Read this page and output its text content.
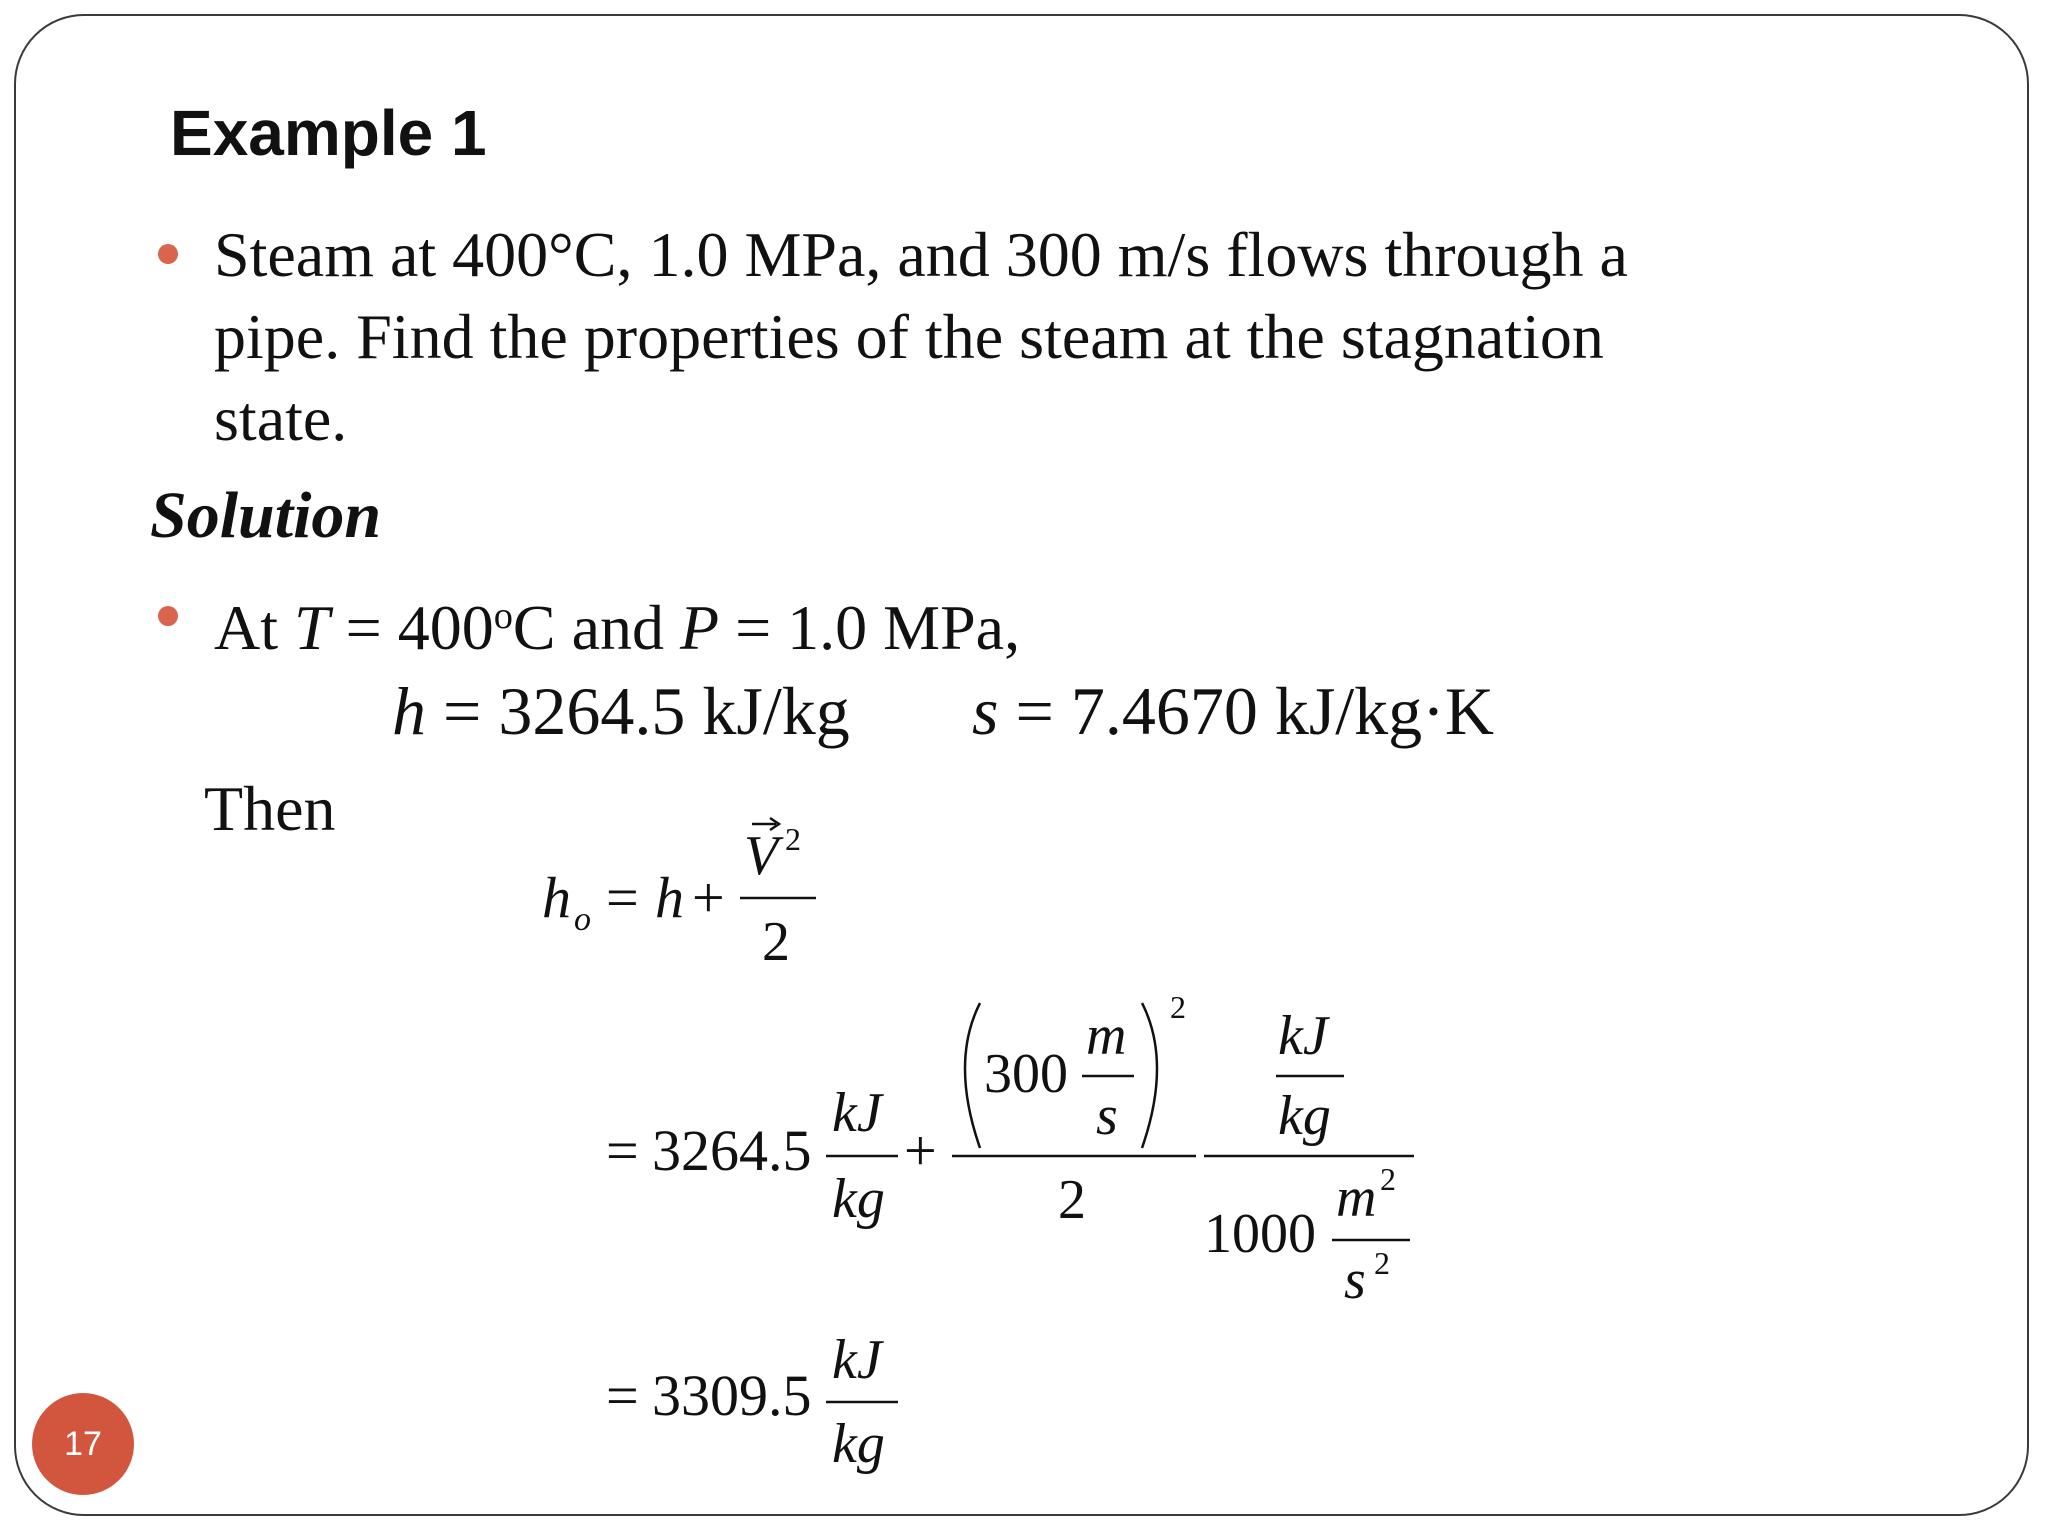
Example 1
Steam at 400°C, 1.0 MPa, and 300 m/s flows through a
pipe. Find the properties of the steam at the stagnation
state.
Solution
At $T = 400^oC$ and P = 1.0 MPa,
h = 3264.5 kJ/kg s = 7.4670 kJ/kg·K
Then
h o = h +
V 2
2
= 3264.5
kJ
kg
+
2
300
m
s
2
kJ
kg
1000
m 2
s 2
= 3309.5
kJ
kg
17
